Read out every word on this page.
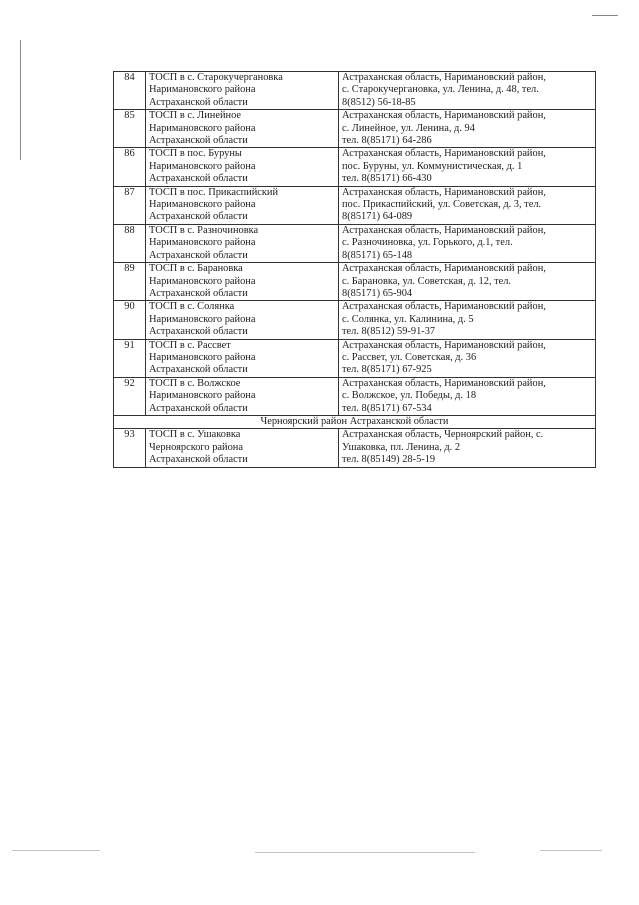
84	ТОСП в с. Старокучергановка
Наримановского района
Астраханской области	Астраханская область, Наримановский район,
с. Старокучергановка, ул. Ленина, д. 48, тел.
8(8512) 56-18-85

85	ТОСП в с. Линейное
Наримановского района
Астраханской области	Астраханская область, Наримановский район,
с. Линейное, ул. Ленина, д. 94
тел. 8(85171) 64-286

86	ТОСП в пос. Буруны
Наримановского района
Астраханской области	Астраханская область, Наримановский район,
пос. Буруны, ул. Коммунистическая, д. 1
тел. 8(85171) 66-430

87	ТОСП в пос. Прикаспийский
Наримановского района
Астраханской области	Астраханская область, Наримановский район,
пос. Прикаспийский, ул. Советская, д. 3, тел.
8(85171) 64-089

88	ТОСП в с. Разночиновка
Наримановского района
Астраханской области	Астраханская область, Наримановский район,
с. Разночиновка, ул. Горького, д.1, тел.
8(85171) 65-148

89	ТОСП в с. Барановка
Наримановского района
Астраханской области	Астраханская область, Наримановский район,
с. Барановка, ул. Советская, д. 12, тел.
8(85171) 65-904

90	ТОСП в с. Солянка
Наримановского района
Астраханской области	Астраханская область, Наримановский район,
с. Солянка, ул. Калинина, д. 5
тел. 8(8512) 59-91-37

91	ТОСП в с. Рассвет
Наримановского района
Астраханской области	Астраханская область, Наримановский район,
с. Рассвет, ул. Советская, д. 36
тел. 8(85171) 67-925

92	ТОСП в с. Волжское
Наримановского района
Астраханской области	Астраханская область, Наримановский район,
с. Волжское, ул. Победы, д. 18
тел. 8(85171) 67-534

Черноярский район Астраханской области		
93	ТОСП в с. Ушаковка
Черноярского района
Астраханской области	Астраханская область, Черноярский район, с.
Ушаковка, пл. Ленина, д. 2
тел. 8(85149) 28-5-19
